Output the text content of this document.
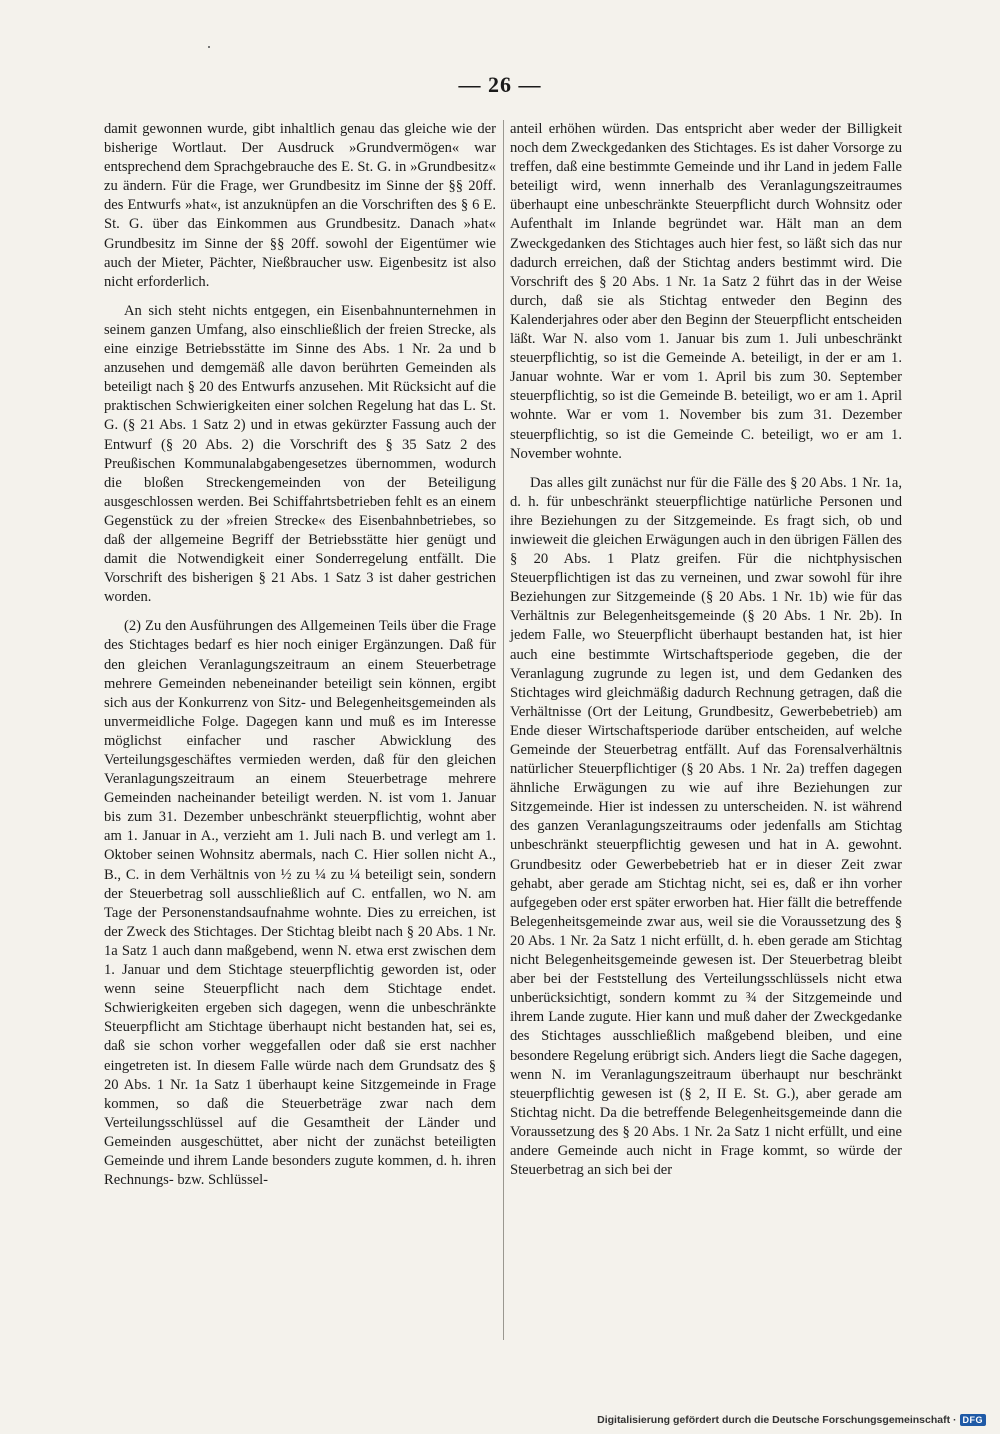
— 26 —

damit gewonnen wurde, gibt inhaltlich genau das gleiche wie der bisherige Wortlaut. Der Ausdruck »Grundvermögen« war entsprechend dem Sprachgebrauche des E. St. G. in »Grundbesitz« zu ändern. Für die Frage, wer Grundbesitz im Sinne der §§ 20ff. des Entwurfs »hat«, ist anzuknüpfen an die Vorschriften des § 6 E. St. G. über das Einkommen aus Grundbesitz. Danach »hat« Grundbesitz im Sinne der §§ 20ff. sowohl der Eigentümer wie auch der Mieter, Pächter, Nießbraucher usw. Eigenbesitz ist also nicht erforderlich.

An sich steht nichts entgegen, ein Eisenbahnunternehmen in seinem ganzen Umfang, also einschließlich der freien Strecke, als eine einzige Betriebsstätte im Sinne des Abs. 1 Nr. 2a und b anzusehen und demgemäß alle davon berührten Gemeinden als beteiligt nach § 20 des Entwurfs anzusehen. Mit Rücksicht auf die praktischen Schwierigkeiten einer solchen Regelung hat das L. St. G. (§ 21 Abs. 1 Satz 2) und in etwas gekürzter Fassung auch der Entwurf (§ 20 Abs. 2) die Vorschrift des § 35 Satz 2 des Preußischen Kommunalabgabengesetzes übernommen, wodurch die bloßen Streckengemeinden von der Beteiligung ausgeschlossen werden. Bei Schiffahrtsbetrieben fehlt es an einem Gegenstück zu der »freien Strecke« des Eisenbahnbetriebes, so daß der allgemeine Begriff der Betriebsstätte hier genügt und damit die Notwendigkeit einer Sonderregelung entfällt. Die Vorschrift des bisherigen § 21 Abs. 1 Satz 3 ist daher gestrichen worden.

(2) Zu den Ausführungen des Allgemeinen Teils über die Frage des Stichtages bedarf es hier noch einiger Ergänzungen. Daß für den gleichen Veranlagungszeitraum an einem Steuerbetrage mehrere Gemeinden nebeneinander beteiligt sein können, ergibt sich aus der Konkurrenz von Sitz- und Belegenheitsgemeinden als unvermeidliche Folge. Dagegen kann und muß es im Interesse möglichst einfacher und rascher Abwicklung des Verteilungsgeschäftes vermieden werden, daß für den gleichen Veranlagungszeitraum an einem Steuerbetrage mehrere Gemeinden nacheinander beteiligt werden. N. ist vom 1. Januar bis zum 31. Dezember unbeschränkt steuerpflichtig, wohnt aber am 1. Januar in A., verzieht am 1. Juli nach B. und verlegt am 1. Oktober seinen Wohnsitz abermals, nach C. Hier sollen nicht A., B., C. in dem Verhältnis von ½ zu ¼ zu ¼ beteiligt sein, sondern der Steuerbetrag soll ausschließlich auf C. entfallen, wo N. am Tage der Personenstandsaufnahme wohnte. Dies zu erreichen, ist der Zweck des Stichtages. Der Stichtag bleibt nach § 20 Abs. 1 Nr. 1a Satz 1 auch dann maßgebend, wenn N. etwa erst zwischen dem 1. Januar und dem Stichtage steuerpflichtig geworden ist, oder wenn seine Steuerpflicht nach dem Stichtage endet. Schwierigkeiten ergeben sich dagegen, wenn die unbeschränkte Steuerpflicht am Stichtage überhaupt nicht bestanden hat, sei es, daß sie schon vorher weggefallen oder daß sie erst nachher eingetreten ist. In diesem Falle würde nach dem Grundsatz des § 20 Abs. 1 Nr. 1a Satz 1 überhaupt keine Sitzgemeinde in Frage kommen, so daß die Steuerbeträge zwar nach dem Verteilungsschlüssel auf die Gesamtheit der Länder und Gemeinden ausgeschüttet, aber nicht der zunächst beteiligten Gemeinde und ihrem Lande besonders zugute kommen, d. h. ihren Rechnungs- bzw. Schlüssel-

anteil erhöhen würden. Das entspricht aber weder der Billigkeit noch dem Zweckgedanken des Stichtages. Es ist daher Vorsorge zu treffen, daß eine bestimmte Gemeinde und ihr Land in jedem Falle beteiligt wird, wenn innerhalb des Veranlagungszeitraumes überhaupt eine unbeschränkte Steuerpflicht durch Wohnsitz oder Aufenthalt im Inlande begründet war. Hält man an dem Zweckgedanken des Stichtages auch hier fest, so läßt sich das nur dadurch erreichen, daß der Stichtag anders bestimmt wird. Die Vorschrift des § 20 Abs. 1 Nr. 1a Satz 2 führt das in der Weise durch, daß sie als Stichtag entweder den Beginn des Kalenderjahres oder aber den Beginn der Steuerpflicht entscheiden läßt. War N. also vom 1. Januar bis zum 1. Juli unbeschränkt steuerpflichtig, so ist die Gemeinde A. beteiligt, in der er am 1. Januar wohnte. War er vom 1. April bis zum 30. September steuerpflichtig, so ist die Gemeinde B. beteiligt, wo er am 1. April wohnte. War er vom 1. November bis zum 31. Dezember steuerpflichtig, so ist die Gemeinde C. beteiligt, wo er am 1. November wohnte.

Das alles gilt zunächst nur für die Fälle des § 20 Abs. 1 Nr. 1a, d. h. für unbeschränkt steuerpflichtige natürliche Personen und ihre Beziehungen zu der Sitzgemeinde. Es fragt sich, ob und inwieweit die gleichen Erwägungen auch in den übrigen Fällen des § 20 Abs. 1 Platz greifen. Für die nichtphysischen Steuerpflichtigen ist das zu verneinen, und zwar sowohl für ihre Beziehungen zur Sitzgemeinde (§ 20 Abs. 1 Nr. 1b) wie für das Verhältnis zur Belegenheitsgemeinde (§ 20 Abs. 1 Nr. 2b). In jedem Falle, wo Steuerpflicht überhaupt bestanden hat, ist hier auch eine bestimmte Wirtschaftsperiode gegeben, die der Veranlagung zugrunde zu legen ist, und dem Gedanken des Stichtages wird gleichmäßig dadurch Rechnung getragen, daß die Verhältnisse (Ort der Leitung, Grundbesitz, Gewerbebetrieb) am Ende dieser Wirtschaftsperiode darüber entscheiden, auf welche Gemeinde der Steuerbetrag entfällt. Auf das Forensalverhältnis natürlicher Steuerpflichtiger (§ 20 Abs. 1 Nr. 2a) treffen dagegen ähnliche Erwägungen zu wie auf ihre Beziehungen zur Sitzgemeinde. Hier ist indessen zu unterscheiden. N. ist während des ganzen Veranlagungszeitraums oder jedenfalls am Stichtag unbeschränkt steuerpflichtig gewesen und hat in A. gewohnt. Grundbesitz oder Gewerbebetrieb hat er in dieser Zeit zwar gehabt, aber gerade am Stichtag nicht, sei es, daß er ihn vorher aufgegeben oder erst später erworben hat. Hier fällt die betreffende Belegenheitsgemeinde zwar aus, weil sie die Voraussetzung des § 20 Abs. 1 Nr. 2a Satz 1 nicht erfüllt, d. h. eben gerade am Stichtag nicht Belegenheitsgemeinde gewesen ist. Der Steuerbetrag bleibt aber bei der Feststellung des Verteilungsschlüssels nicht etwa unberücksichtigt, sondern kommt zu ¾ der Sitzgemeinde und ihrem Lande zugute. Hier kann und muß daher der Zweckgedanke des Stichtages ausschließlich maßgebend bleiben, und eine besondere Regelung erübrigt sich. Anders liegt die Sache dagegen, wenn N. im Veranlagungszeitraum überhaupt nur beschränkt steuerpflichtig gewesen ist (§ 2, II E. St. G.), aber gerade am Stichtag nicht. Da die betreffende Belegenheitsgemeinde dann die Voraussetzung des § 20 Abs. 1 Nr. 2a Satz 1 nicht erfüllt, und eine andere Gemeinde auch nicht in Frage kommt, so würde der Steuerbetrag an sich bei der

Digitalisierung gefördert durch die Deutsche Forschungsgemeinschaft · DFG
